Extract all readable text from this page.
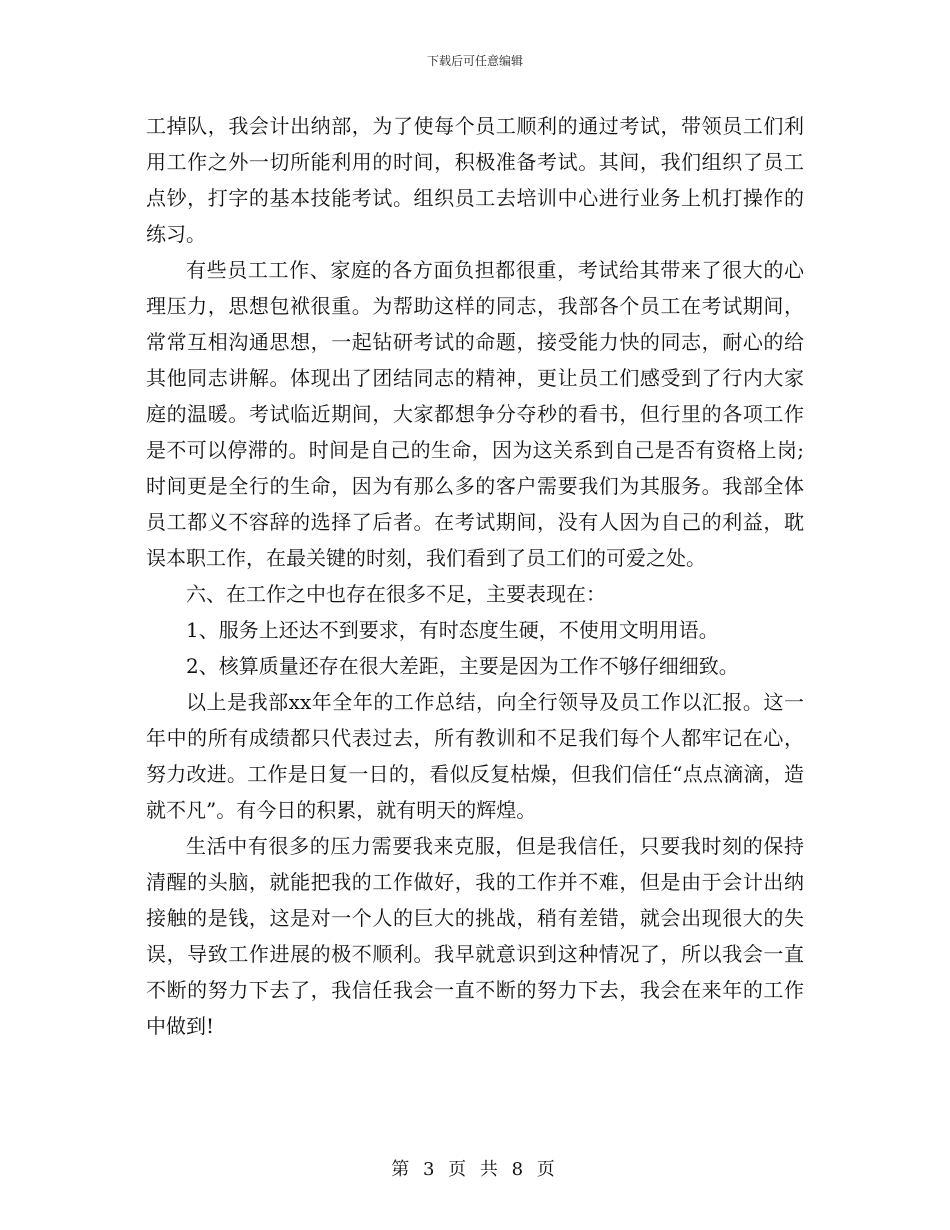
下载后可任意编辑

工掉队，我会计出纳部，为了使每个员工顺利的通过考试，带领员工们利用工作之外一切所能利用的时间，积极准备考试。其间，我们组织了员工点钞，打字的基本技能考试。组织员工去培训中心进行业务上机打操作的练习。

有些员工工作、家庭的各方面负担都很重，考试给其带来了很大的心理压力，思想包袱很重。为帮助这样的同志，我部各个员工在考试期间，常常互相沟通思想，一起钻研考试的命题，接受能力快的同志，耐心的给其他同志讲解。体现出了团结同志的精神，更让员工们感受到了行内大家庭的温暖。考试临近期间，大家都想争分夺秒的看书，但行里的各项工作是不可以停滞的。时间是自己的生命，因为这关系到自己是否有资格上岗;时间更是全行的生命，因为有那么多的客户需要我们为其服务。我部全体员工都义不容辞的选择了后者。在考试期间，没有人因为自己的利益，耽误本职工作，在最关键的时刻，我们看到了员工们的可爱之处。

六、在工作之中也存在很多不足，主要表现在：

1、服务上还达不到要求，有时态度生硬，不使用文明用语。

2、核算质量还存在很大差距，主要是因为工作不够仔细细致。

以上是我部xx年全年的工作总结，向全行领导及员工作以汇报。这一年中的所有成绩都只代表过去，所有教训和不足我们每个人都牢记在心，努力改进。工作是日复一日的，看似反复枯燥，但我们信任“点点滴滴，造就不凡”。有今日的积累，就有明天的辉煌。

生活中有很多的压力需要我来克服，但是我信任，只要我时刻的保持清醒的头脑，就能把我的工作做好，我的工作并不难，但是由于会计出纳接触的是钱，这是对一个人的巨大的挑战，稍有差错，就会出现很大的失误，导致工作进展的极不顺利。我早就意识到这种情况了，所以我会一直不断的努力下去了，我信任我会一直不断的努力下去，我会在来年的工作中做到!

第 3 页 共 8 页
